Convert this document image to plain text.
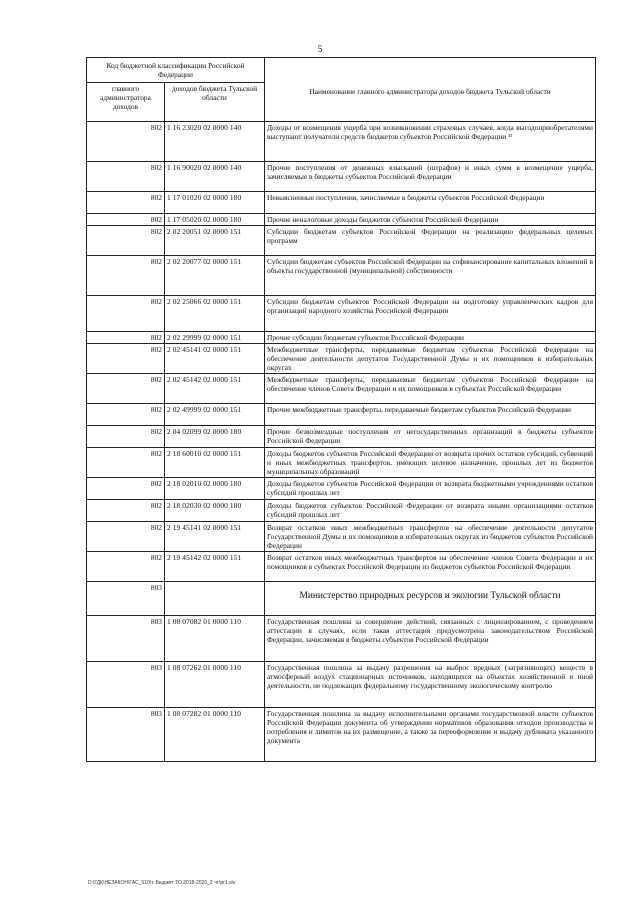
5
Код бюджетной классификации Российской Федерации		Наименование главного администратора доходов бюджета Тульской области
главного администратора доходов	доходов бюджета Тульской области	
802	1 16 23020 02 0000 140	Доходы от возмещения ущерба при возникновении страховых случаев, когда выгодоприобретателями выступают получатели средств бюджетов субъектов Российской Федерации ⁴⁾
802	1 16 90020 02 0000 140	Прочие поступления от денежных взысканий (штрафов) и иных сумм в возмещение ущерба, зачисляемые в бюджеты субъектов Российской Федерации
802	1 17 01020 02 0000 180	Невыясненные поступления, зачисляемые в бюджеты субъектов Российской Федерации
802	1 17 05020 02 0000 180	Прочие неналоговые доходы бюджетов субъектов Российской Федерации
802	2 02 20051 02 0000 151	Субсидии бюджетам субъектов Российской Федерации на реализацию федеральных целевых программ
802	2 02 20077 02 0000 151	Субсидии бюджетам субъектов Российской Федерации на софинансирование капитальных вложений в объекты государственной (муниципальной) собственности
802	2 02 25066 02 0000 151	Субсидии бюджетам субъектов Российской Федерации на подготовку управленческих кадров для организаций народного хозяйства Российской Федерации
802	2 02 29999 02 0000 151	Прочие субсидии бюджетам субъектов Российской Федерации
802	2 02 45141 02 0000 151	Межбюджетные трансферты, передаваемые бюджетам субъектов Российской Федерации на обеспечение деятельности депутатов Государственной Думы и их помощников в избирательных округах
802	2 02 45142 02 0000 151	Межбюджетные трансферты, передаваемые бюджетам субъектов Российской Федерации на обеспечение членов Совета Федерации и их помощников в субъектах Российской Федерации
802	2 02 49999 02 0000 151	Прочие межбюджетные трансферты, передаваемые бюджетам субъектов Российской Федерации
802	2 04 02099 02 0000 180	Прочие безвозмездные поступления от негосударственных организаций в бюджеты субъектов Российской Федерации
802	2 18 60010 02 0000 151	Доходы бюджетов субъектов Российской Федерации от возврата прочих остатков субсидий, субвенций и иных межбюджетных трансфертов, имеющих целевое назначение, прошлых лет из бюджетов муниципальных образований
802	2 18 02010 02 0000 180	Доходы бюджетов субъектов Российской Федерации от возврата бюджетными учреждениями остатков субсидий прошлых лет
802	2 18 02030 02 0000 180	Доходы бюджетов субъектов Российской Федерации от возврата иными организациями остатков субсидий прошлых лет
802	2 19 45141 02 0000 151	Возврат остатков иных межбюджетных трансфертов на обеспечение деятельности депутатов Государственной Думы и их помощников в избирательных округах из бюджетов субъектов Российской Федерации
802	2 19 45142 02 0000 151	Возврат остатков иных межбюджетных трансфертов на обеспечение членов Совета Федерации и их помощников в субъектах Российской Федерации из бюджетов субъектов Российской Федерации
803		Министерство природных ресурсов и экологии Тульской области
803	1 08 07082 01 0000 110	Государственная пошлина за совершение действий, связанных с лицензированием, с проведением аттестации в случаях, если такая аттестация предусмотрена законодательством Российской Федерации, зачисляемая в бюджеты субъектов Российской Федерации
803	1 08 07262 01 0000 110	Государственная пошлина за выдачу разрешения на выброс вредных (загрязняющих) веществ в атмосферный воздух стационарных источников, находящихся на объектах хозяйственной и иной деятельности, не подлежащих федеральному государственному экологическому контролю
803	1 08 07282 01 0000 110	Государственная пошлина за выдачу исполнительными органами государственной власти субъектов Российской Федерации документа об утверждении нормативов образования отходов производства и потребления и лимитов на их размещение, а также за переоформление и выдачу дубликата указанного документа
D:\ГДК\НЕЗАКОН\ГАС_510\т. Бюджет ТО 2018-2020_2 чт\pr1.xls
